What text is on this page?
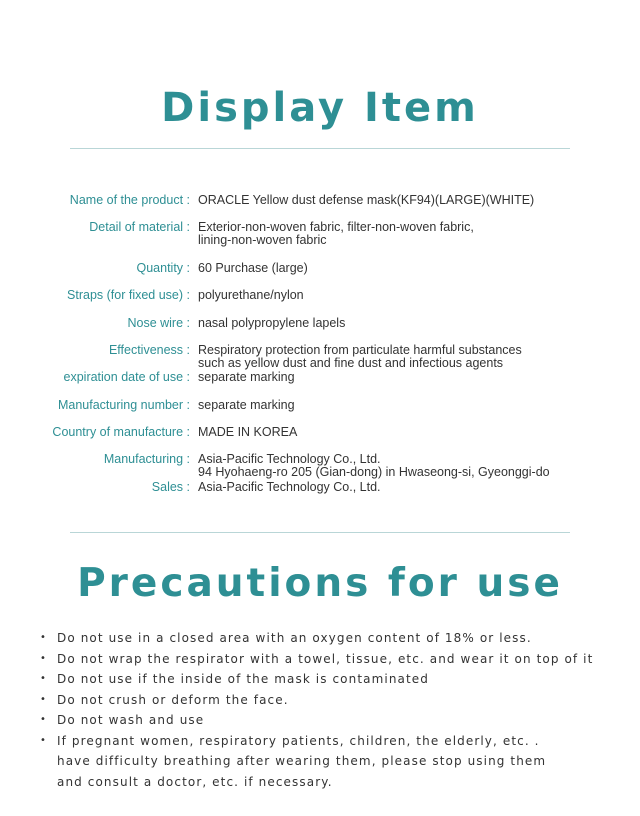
Display Item
Name of the product : ORACLE Yellow dust defense mask(KF94)(LARGE)(WHITE)
Detail of material : Exterior-non-woven fabric, filter-non-woven fabric,
lining-non-woven fabric
Quantity : 60 Purchase (large)
Straps (for fixed use) : polyurethane/nylon
Nose wire : nasal polypropylene lapels
Effectiveness : Respiratory protection from particulate harmful substances
such as yellow dust and fine dust and infectious agents
expiration date of use : separate marking
Manufacturing number : separate marking
Country of manufacture : MADE IN KOREA
Manufacturing : Asia-Pacific Technology Co., Ltd.
94 Hyohaeng-ro 205 (Gian-dong) in Hwaseong-si, Gyeonggi-do
Sales : Asia-Pacific Technology Co., Ltd.
Precautions for use
• Do not use in a closed area with an oxygen content of 18% or less.
• Do not wrap the respirator with a towel, tissue, etc. and wear it on top of it
• Do not use if the inside of the mask is contaminated
• Do not crush or deform the face.
• Do not wash and use
• If pregnant women, respiratory patients, children, the elderly, etc. .
have difficulty breathing after wearing them, please stop using them
and consult a doctor, etc. if necessary.
